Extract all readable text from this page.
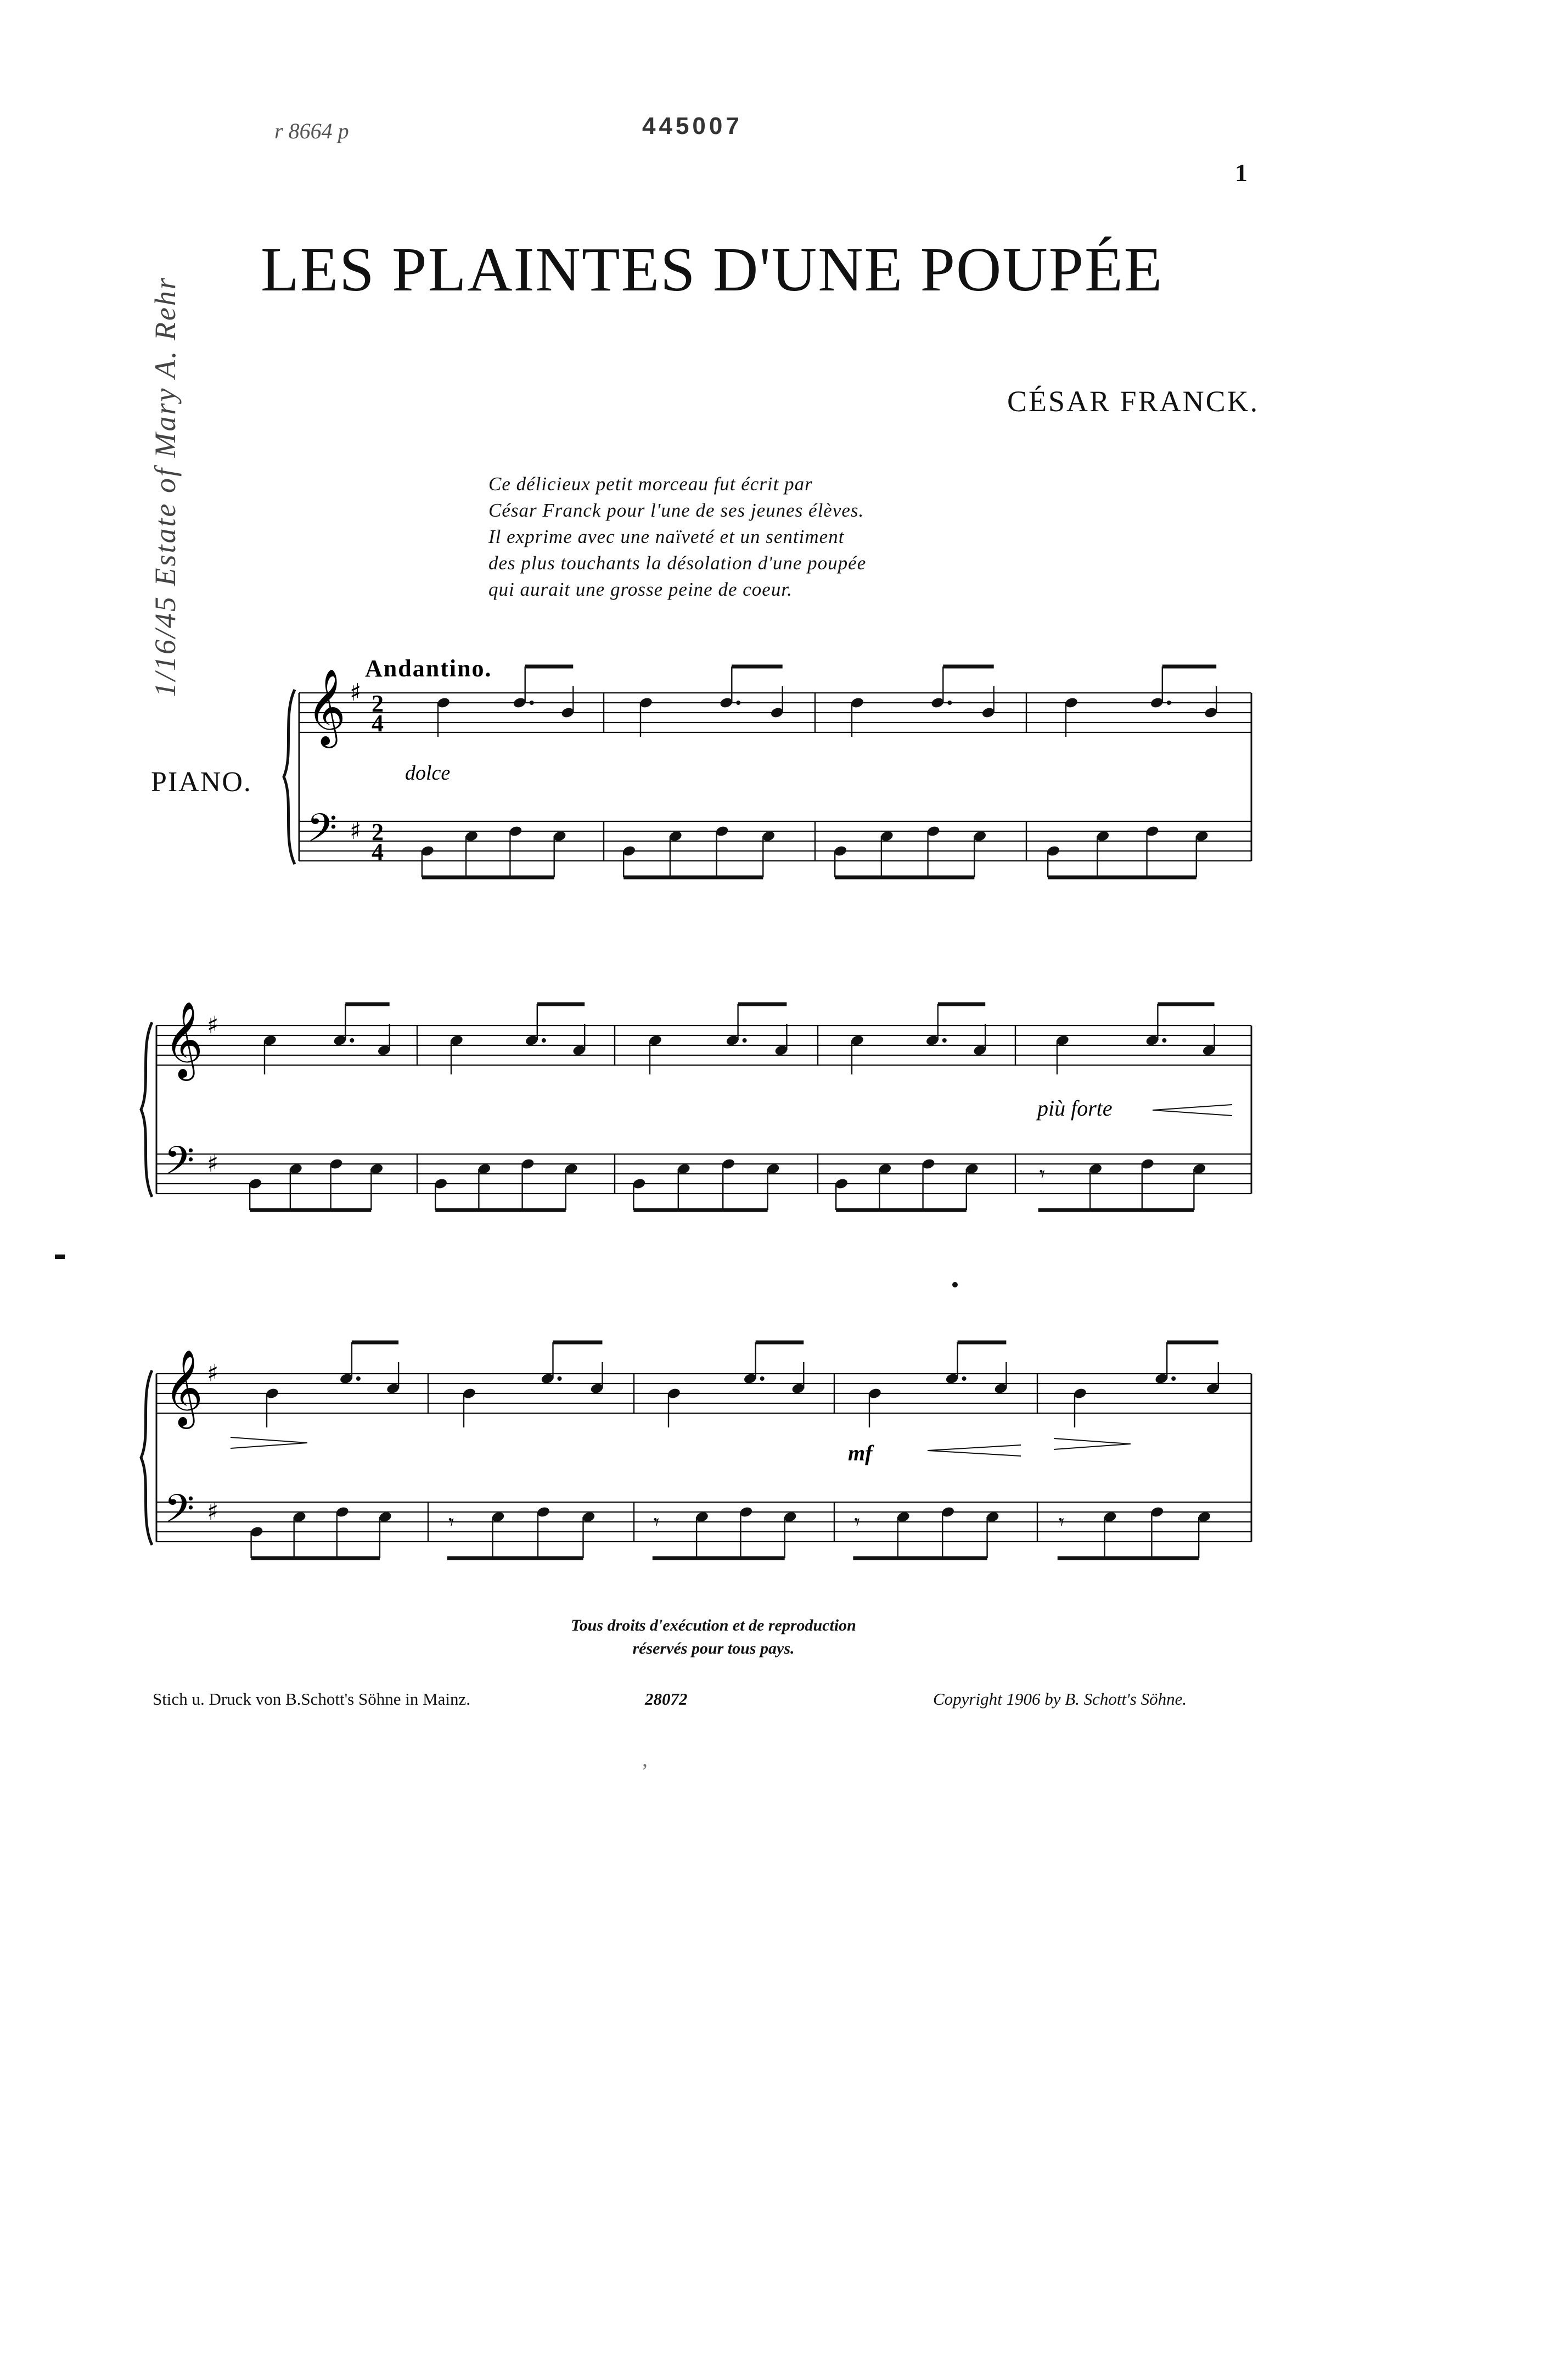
445007
r 8664 p
1
LES PLAINTES D'UNE POUPÉE
CÉSAR FRANCK.
Ce délicieux petit morceau fut écrit par
César Franck pour l'une de ses jeunes élèves.
Il exprime avec une naïveté et un sentiment
des plus touchants la désolation d'une poupée
qui aurait une grosse peine de coeur.
1/16/45 Estate of Mary A. Rehr
PIANO.
𝄞
𝄢
♯
♯
2
2
4
4
𝄞
𝄢
♯
♯	𝄾
𝄞
𝄢
♯
♯	𝄾	𝄾	𝄾	𝄾
Andantino.
dolce
più forte
mf
Tous droits d'exécution et de reproduction
réservés pour tous pays.
Stich u. Druck von B.Schott's Söhne in Mainz.	28072	Copyright 1906 by B. Schott's Söhne.
,
